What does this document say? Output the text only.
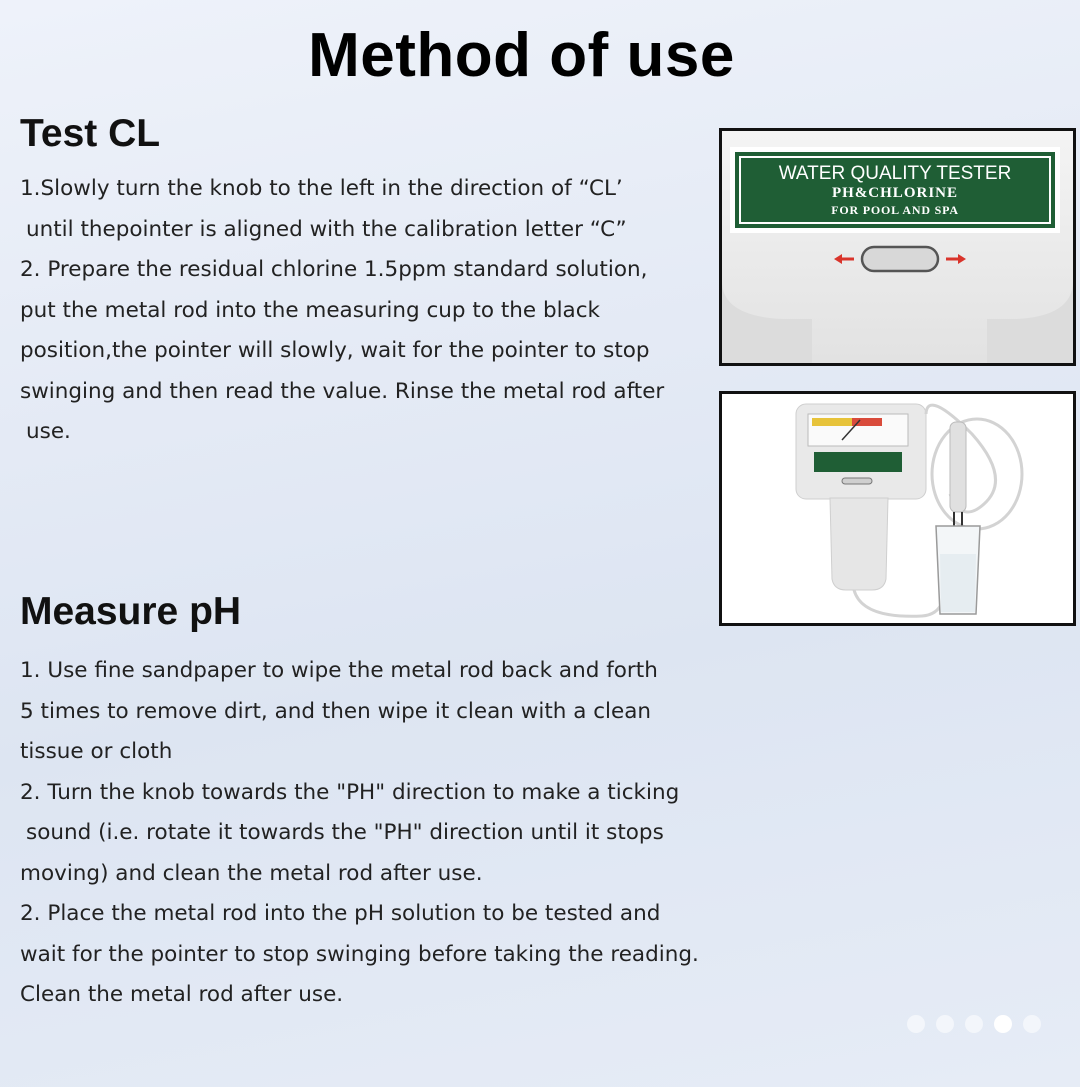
Method of use
Test CL
1.Slowly turn the knob to the left in the direction of “CL’
until thepointer is aligned with the calibration letter “C”
2. Prepare the residual chlorine 1.5ppm standard solution,
put the metal rod into the measuring cup to the black
position,the pointer will slowly, wait for the pointer to stop
swinging and then read the value. Rinse the metal rod after
use.
Measure pH
1. Use fine sandpaper to wipe the metal rod back and forth
5 times to remove dirt, and then wipe it clean with a clean
tissue or cloth
2. Turn the knob towards the "PH" direction to make a ticking
sound (i.e. rotate it towards the "PH" direction until it stops
moving) and clean the metal rod after use.
2. Place the metal rod into the pH solution to be tested and
wait for the pointer to stop swinging before taking the reading.
Clean the metal rod after use.
WATER QUALITY TESTER
PH&CHLORINE
FOR POOL AND SPA
